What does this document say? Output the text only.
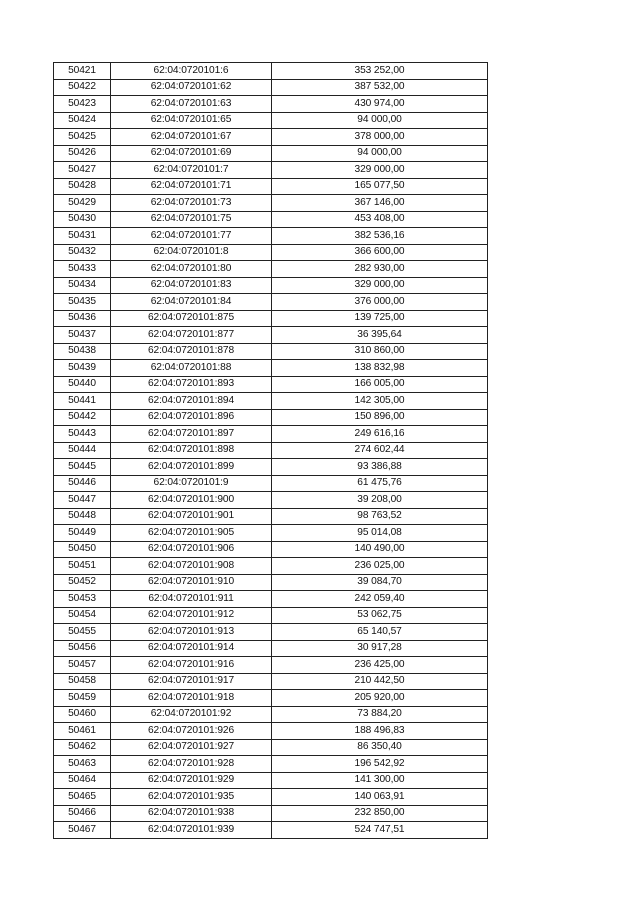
50421	62:04:0720101:6	353 252,00
50422	62:04:0720101:62	387 532,00
50423	62:04:0720101:63	430 974,00
50424	62:04:0720101:65	94 000,00
50425	62:04:0720101:67	378 000,00
50426	62:04:0720101:69	94 000,00
50427	62:04:0720101:7	329 000,00
50428	62:04:0720101:71	165 077,50
50429	62:04:0720101:73	367 146,00
50430	62:04:0720101:75	453 408,00
50431	62:04:0720101:77	382 536,16
50432	62:04:0720101:8	366 600,00
50433	62:04:0720101:80	282 930,00
50434	62:04:0720101:83	329 000,00
50435	62:04:0720101:84	376 000,00
50436	62:04:0720101:875	139 725,00
50437	62:04:0720101:877	36 395,64
50438	62:04:0720101:878	310 860,00
50439	62:04:0720101:88	138 832,98
50440	62:04:0720101:893	166 005,00
50441	62:04:0720101:894	142 305,00
50442	62:04:0720101:896	150 896,00
50443	62:04:0720101:897	249 616,16
50444	62:04:0720101:898	274 602,44
50445	62:04:0720101:899	93 386,88
50446	62:04:0720101:9	61 475,76
50447	62:04:0720101:900	39 208,00
50448	62:04:0720101:901	98 763,52
50449	62:04:0720101:905	95 014,08
50450	62:04:0720101:906	140 490,00
50451	62:04:0720101:908	236 025,00
50452	62:04:0720101:910	39 084,70
50453	62:04:0720101:911	242 059,40
50454	62:04:0720101:912	53 062,75
50455	62:04:0720101:913	65 140,57
50456	62:04:0720101:914	30 917,28
50457	62:04:0720101:916	236 425,00
50458	62:04:0720101:917	210 442,50
50459	62:04:0720101:918	205 920,00
50460	62:04:0720101:92	73 884,20
50461	62:04:0720101:926	188 496,83
50462	62:04:0720101:927	86 350,40
50463	62:04:0720101:928	196 542,92
50464	62:04:0720101:929	141 300,00
50465	62:04:0720101:935	140 063,91
50466	62:04:0720101:938	232 850,00
50467	62:04:0720101:939	524 747,51
